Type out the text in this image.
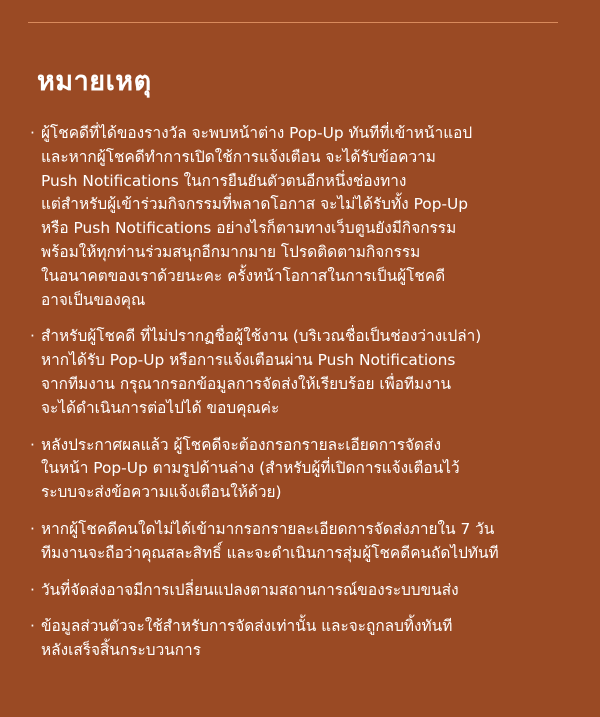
หมายเหตุ
· ผู้โชคดีที่ได้ของรางวัล จะพบหน้าต่าง Pop-Up ทันทีที่เข้าหน้าแอป
และหากผู้โชคดีทำการเปิดใช้การแจ้งเตือน จะได้รับข้อความ
Push Notifications ในการยืนยันตัวตนอีกหนึ่งช่องทาง
แต่สำหรับผู้เข้าร่วมกิจกรรมที่พลาดโอกาส จะไม่ได้รับทั้ง Pop-Up
หรือ Push Notifications อย่างไรก็ตามทางเว็บตูนยังมีกิจกรรม
พร้อมให้ทุกท่านร่วมสนุกอีกมากมาย โปรดติดตามกิจกรรม
ในอนาคตของเราด้วยนะคะ ครั้งหน้าโอกาสในการเป็นผู้โชคดี
อาจเป็นของคุณ
· สำหรับผู้โชคดี ที่ไม่ปรากฏชื่อผู้ใช้งาน (บริเวณชื่อเป็นช่องว่างเปล่า)
หากได้รับ Pop-Up หรือการแจ้งเตือนผ่าน Push Notifications
จากทีมงาน กรุณากรอกข้อมูลการจัดส่งให้เรียบร้อย เพื่อทีมงาน
จะได้ดำเนินการต่อไปได้ ขอบคุณค่ะ
· หลังประกาศผลแล้ว ผู้โชคดีจะต้องกรอกรายละเอียดการจัดส่ง
ในหน้า Pop-Up ตามรูปด้านล่าง (สำหรับผู้ที่เปิดการแจ้งเตือนไว้
ระบบจะส่งข้อความแจ้งเตือนให้ด้วย)
· หากผู้โชคดีคนใดไม่ได้เข้ามากรอกรายละเอียดการจัดส่งภายใน 7 วัน
ทีมงานจะถือว่าคุณสละสิทธิ์ และจะดำเนินการสุ่มผู้โชคดีคนถัดไปทันที
· วันที่จัดส่งอาจมีการเปลี่ยนแปลงตามสถานการณ์ของระบบขนส่ง
· ข้อมูลส่วนตัวจะใช้สำหรับการจัดส่งเท่านั้น และจะถูกลบทิ้งทันที
หลังเสร็จสิ้นกระบวนการ
